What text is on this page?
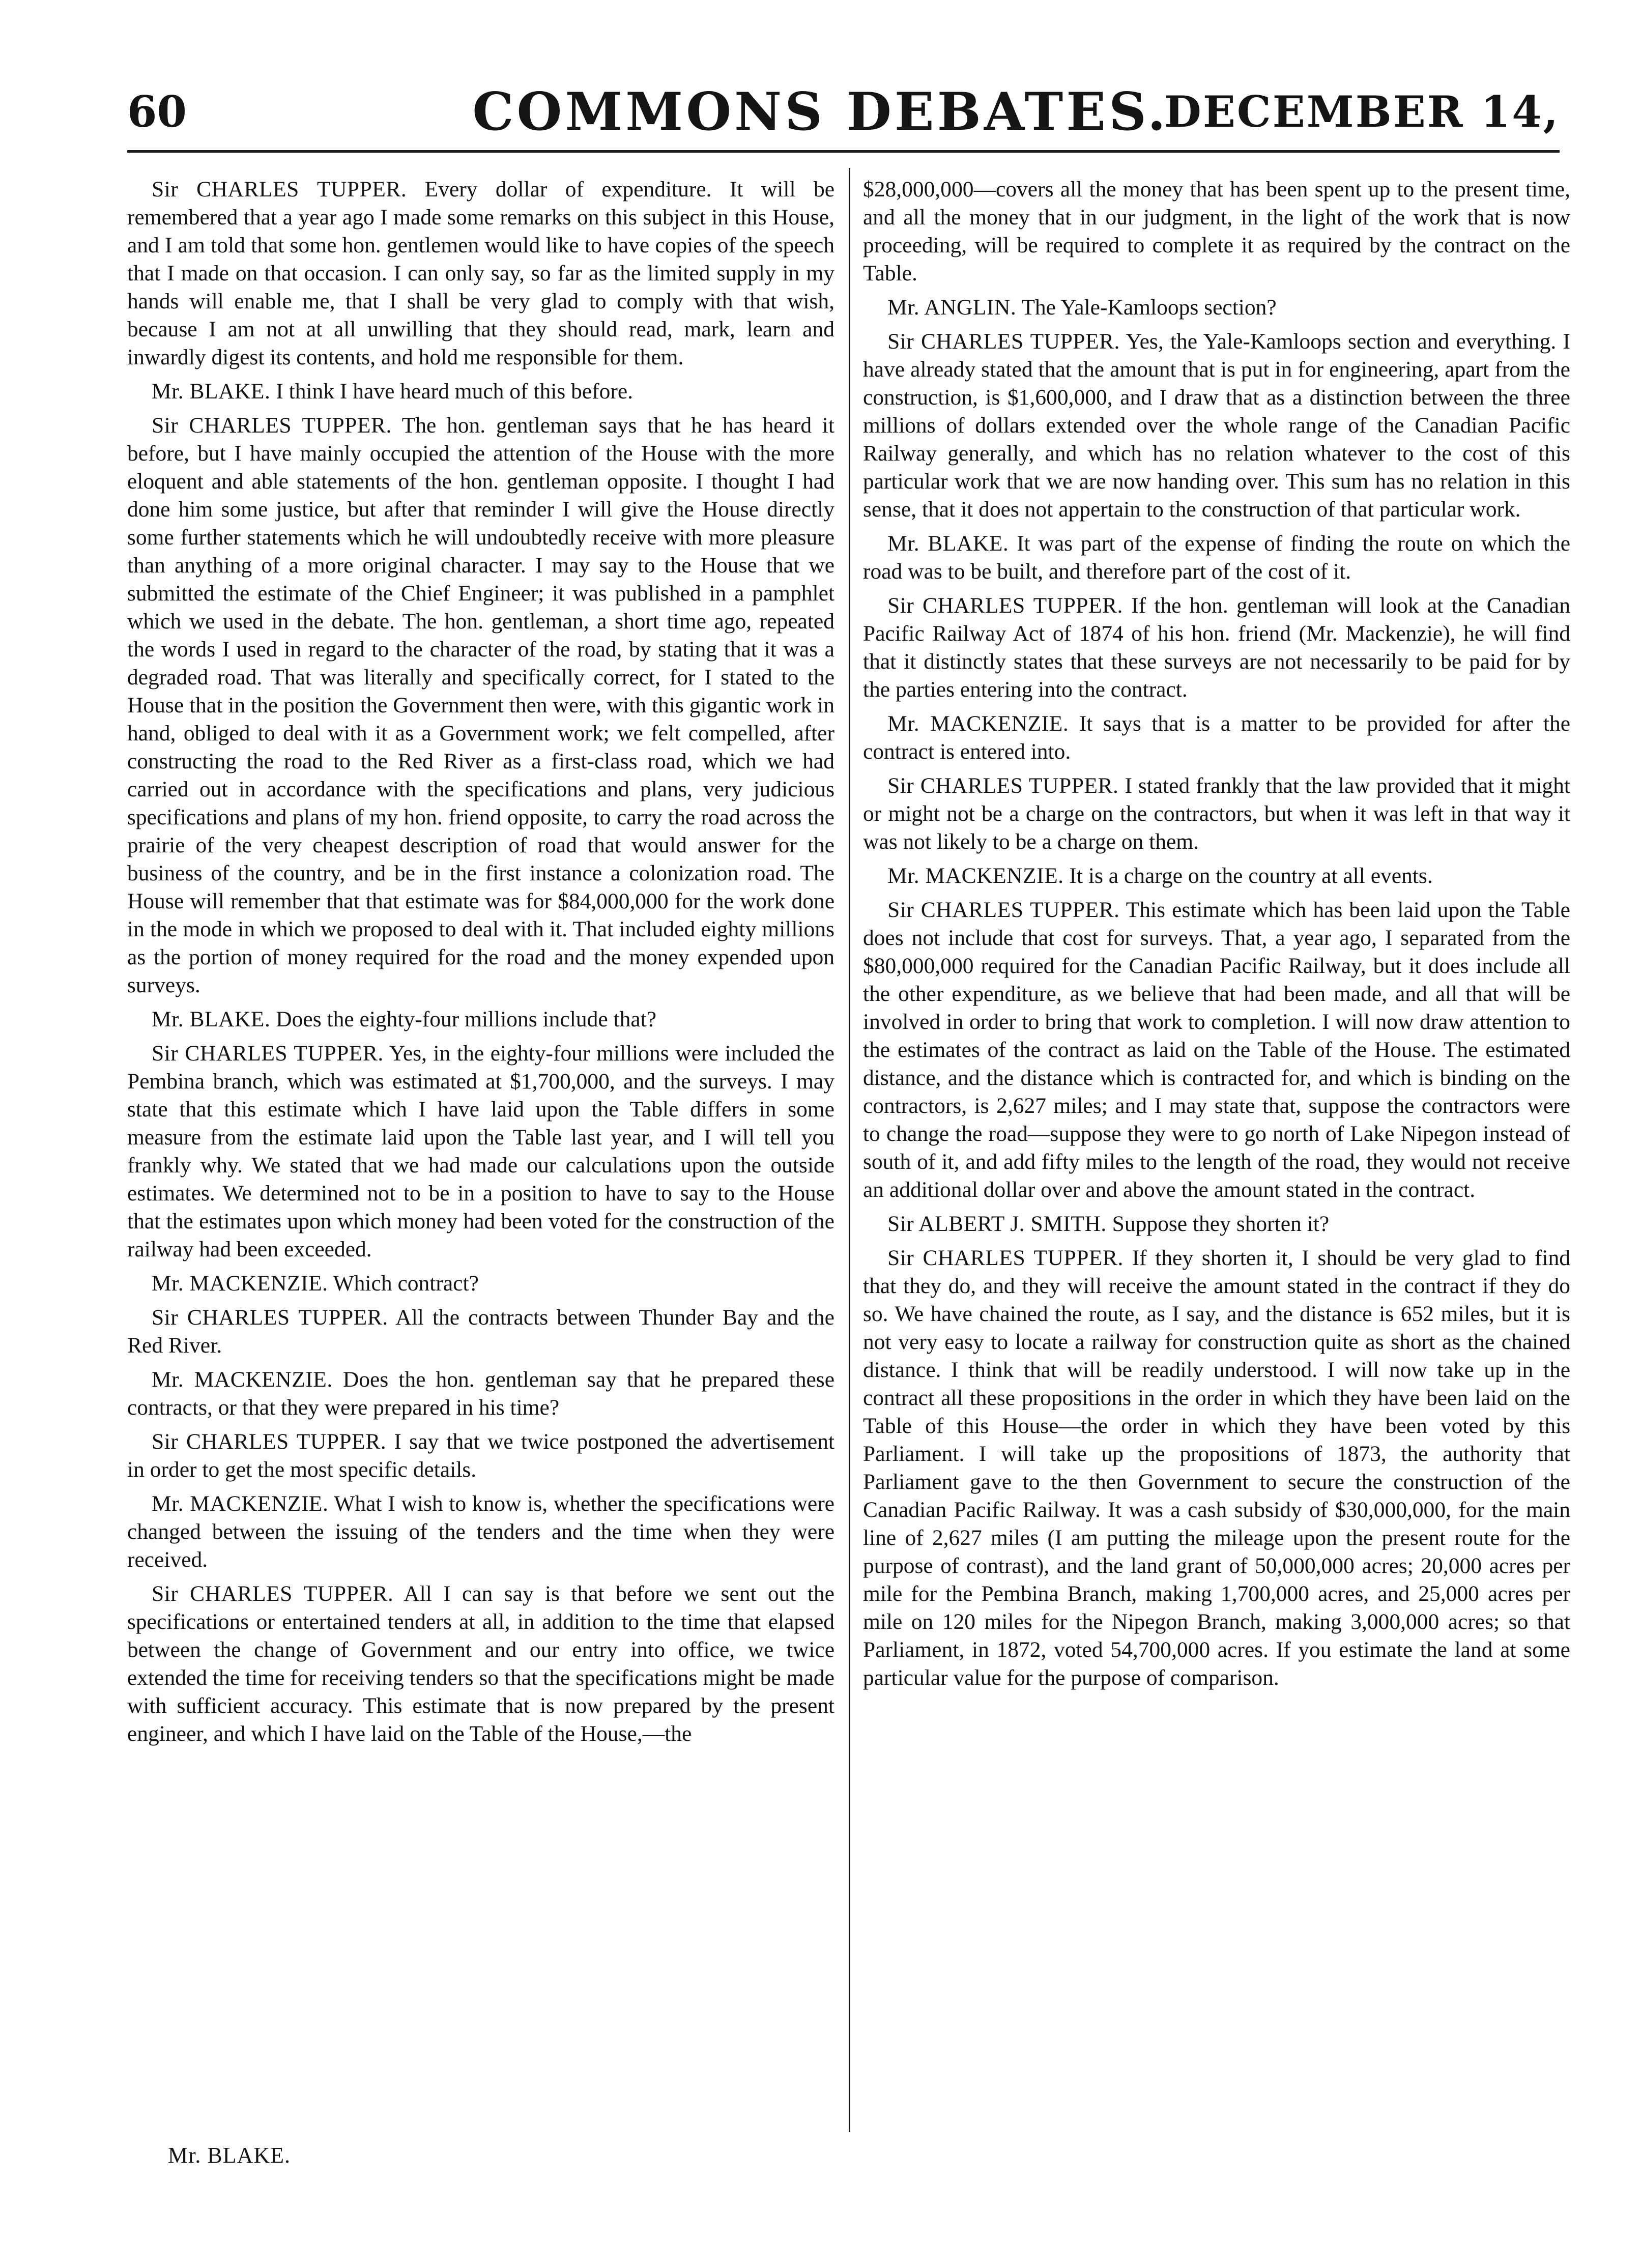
60	COMMONS DEBATES.
DECEMBER 14,

Sir CHARLES TUPPER. Every dollar of expenditure. It will be remembered that a year ago I made some remarks on this subject in this House, and I am told that some hon. gentlemen would like to have copies of the speech that I made on that occasion. I can only say, so far as the limited supply in my hands will enable me, that I shall be very glad to comply with that wish, because I am not at all unwilling that they should read, mark, learn and inwardly digest its contents, and hold me responsible for them.

Mr. BLAKE. I think I have heard much of this before.

Sir CHARLES TUPPER. The hon. gentleman says that he has heard it before, but I have mainly occupied the attention of the House with the more eloquent and able statements of the hon. gentleman opposite. I thought I had done him some justice, but after that reminder I will give the House directly some further statements which he will undoubtedly receive with more pleasure than anything of a more original character. I may say to the House that we submitted the estimate of the Chief Engineer; it was published in a pamphlet which we used in the debate. The hon. gentleman, a short time ago, repeated the words I used in regard to the character of the road, by stating that it was a degraded road. That was literally and specifically correct, for I stated to the House that in the position the Government then were, with this gigantic work in hand, obliged to deal with it as a Government work; we felt compelled, after constructing the road to the Red River as a first-class road, which we had carried out in accordance with the specifications and plans, very judicious specifications and plans of my hon. friend opposite, to carry the road across the prairie of the very cheapest description of road that would answer for the business of the country, and be in the first instance a colonization road. The House will remember that that estimate was for $84,000,000 for the work done in the mode in which we proposed to deal with it. That included eighty millions as the portion of money required for the road and the money expended upon surveys.

Mr. BLAKE. Does the eighty-four millions include that?

Sir CHARLES TUPPER. Yes, in the eighty-four millions were included the Pembina branch, which was estimated at $1,700,000, and the surveys. I may state that this estimate which I have laid upon the Table differs in some measure from the estimate laid upon the Table last year, and I will tell you frankly why. We stated that we had made our calculations upon the outside estimates. We determined not to be in a position to have to say to the House that the estimates upon which money had been voted for the construction of the railway had been exceeded.

Mr. MACKENZIE. Which contract?

Sir CHARLES TUPPER. All the contracts between Thunder Bay and the Red River.

Mr. MACKENZIE. Does the hon. gentleman say that he prepared these contracts, or that they were prepared in his time?

Sir CHARLES TUPPER. I say that we twice postponed the advertisement in order to get the most specific details.

Mr. MACKENZIE. What I wish to know is, whether the specifications were changed between the issuing of the tenders and the time when they were received.

Sir CHARLES TUPPER. All I can say is that before we sent out the specifications or entertained tenders at all, in addition to the time that elapsed between the change of Government and our entry into office, we twice extended the time for receiving tenders so that the specifications might be made with sufficient accuracy. This estimate that is now prepared by the present engineer, and which I have laid on the Table of the House,—the

$28,000,000—covers all the money that has been spent up to the present time, and all the money that in our judgment, in the light of the work that is now proceeding, will be required to complete it as required by the contract on the Table.

Mr. ANGLIN. The Yale-Kamloops section?

Sir CHARLES TUPPER. Yes, the Yale-Kamloops section and everything. I have already stated that the amount that is put in for engineering, apart from the construction, is $1,600,000, and I draw that as a distinction between the three millions of dollars extended over the whole range of the Canadian Pacific Railway generally, and which has no relation whatever to the cost of this particular work that we are now handing over. This sum has no relation in this sense, that it does not appertain to the construction of that particular work.

Mr. BLAKE. It was part of the expense of finding the route on which the road was to be built, and therefore part of the cost of it.

Sir CHARLES TUPPER. If the hon. gentleman will look at the Canadian Pacific Railway Act of 1874 of his hon. friend (Mr. Mackenzie), he will find that it distinctly states that these surveys are not necessarily to be paid for by the parties entering into the contract.

Mr. MACKENZIE. It says that is a matter to be provided for after the contract is entered into.

Sir CHARLES TUPPER. I stated frankly that the law provided that it might or might not be a charge on the contractors, but when it was left in that way it was not likely to be a charge on them.

Mr. MACKENZIE. It is a charge on the country at all events.

Sir CHARLES TUPPER. This estimate which has been laid upon the Table does not include that cost for surveys. That, a year ago, I separated from the $80,000,000 required for the Canadian Pacific Railway, but it does include all the other expenditure, as we believe that had been made, and all that will be involved in order to bring that work to completion. I will now draw attention to the estimates of the contract as laid on the Table of the House. The estimated distance, and the distance which is contracted for, and which is binding on the contractors, is 2,627 miles; and I may state that, suppose the contractors were to change the road—suppose they were to go north of Lake Nipegon instead of south of it, and add fifty miles to the length of the road, they would not receive an additional dollar over and above the amount stated in the contract.

Sir ALBERT J. SMITH. Suppose they shorten it?

Sir CHARLES TUPPER. If they shorten it, I should be very glad to find that they do, and they will receive the amount stated in the contract if they do so. We have chained the route, as I say, and the distance is 652 miles, but it is not very easy to locate a railway for construction quite as short as the chained distance. I think that will be readily understood. I will now take up in the contract all these propositions in the order in which they have been laid on the Table of this House—the order in which they have been voted by this Parliament. I will take up the propositions of 1873, the authority that Parliament gave to the then Government to secure the construction of the Canadian Pacific Railway. It was a cash subsidy of $30,000,000, for the main line of 2,627 miles (I am putting the mileage upon the present route for the purpose of contrast), and the land grant of 50,000,000 acres; 20,000 acres per mile for the Pembina Branch, making 1,700,000 acres, and 25,000 acres per mile on 120 miles for the Nipegon Branch, making 3,000,000 acres; so that Parliament, in 1872, voted 54,700,000 acres. If you estimate the land at some particular value for the purpose of comparison.

Mr. BLAKE.
